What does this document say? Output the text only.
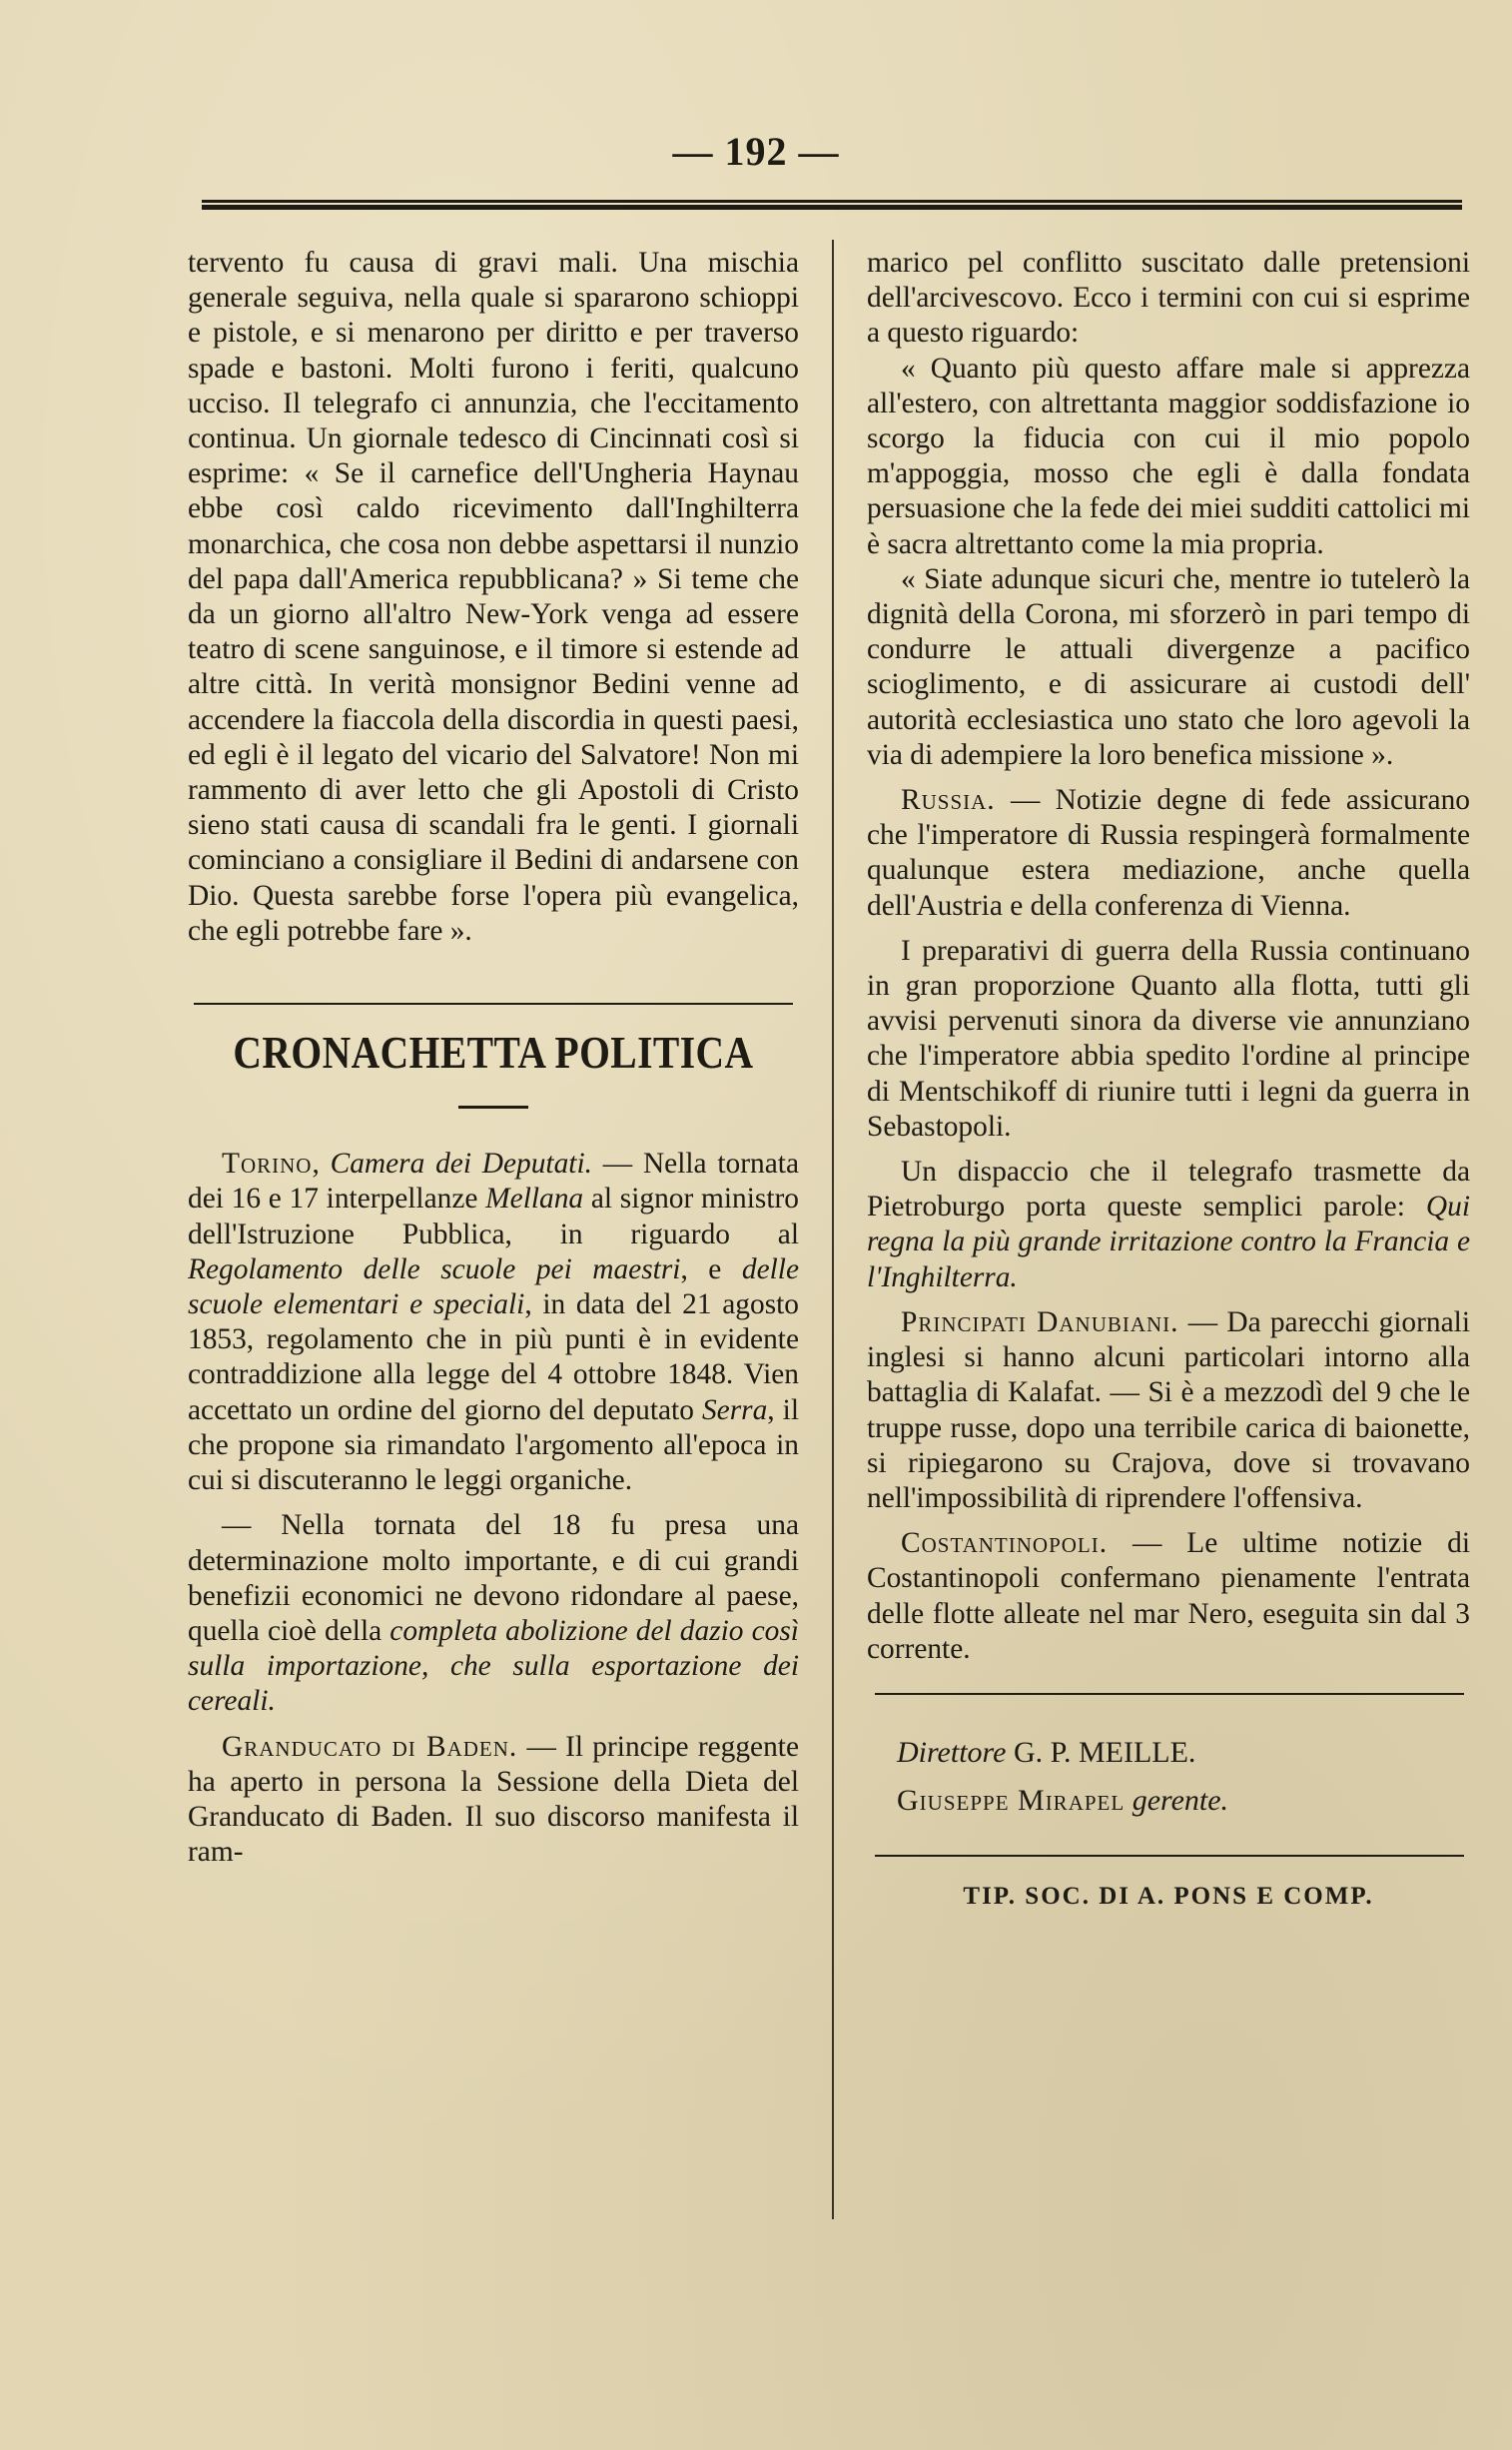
— 192 —

tervento fu causa di gravi mali. Una mischia generale seguiva, nella quale si spararono schioppi e pistole, e si menarono per diritto e per traverso spade e bastoni. Molti furono i feriti, qualcuno ucciso. Il telegrafo ci annunzia, che l'eccitamento continua. Un giornale tedesco di Cincinnati così si esprime: « Se il carnefice dell'Ungheria Haynau ebbe così caldo ricevimento dall'Inghilterra monarchica, che cosa non debbe aspettarsi il nunzio del papa dall'America repubblicana? » Si teme che da un giorno all'altro New-York venga ad essere teatro di scene sanguinose, e il timore si estende ad altre città. In verità monsignor Bedini venne ad accendere la fiaccola della discordia in questi paesi, ed egli è il legato del vicario del Salvatore! Non mi rammento di aver letto che gli Apostoli di Cristo sieno stati causa di scandali fra le genti. I giornali cominciano a consigliare il Bedini di andarsene con Dio. Questa sarebbe forse l'opera più evangelica, che egli potrebbe fare ».

CRONACHETTA POLITICA

Torino, Camera dei Deputati. — Nella tornata dei 16 e 17 interpellanze Mellana al signor ministro dell'Istruzione Pubblica, in riguardo al Regolamento delle scuole pei maestri, e delle scuole elementari e speciali, in data del 21 agosto 1853, regolamento che in più punti è in evidente contraddizione alla legge del 4 ottobre 1848. Vien accettato un ordine del giorno del deputato Serra, il che propone sia rimandato l'argomento all'epoca in cui si discuteranno le leggi organiche.

— Nella tornata del 18 fu presa una determinazione molto importante, e di cui grandi benefizii economici ne devono ridondare al paese, quella cioè della completa abolizione del dazio così sulla importazione, che sulla esportazione dei cereali.

Granducato di Baden. — Il principe reggente ha aperto in persona la Sessione della Dieta del Granducato di Baden. Il suo discorso manifesta il ram-

marico pel conflitto suscitato dalle pretensioni dell'arcivescovo. Ecco i termini con cui si esprime a questo riguardo:

« Quanto più questo affare male si apprezza all'estero, con altrettanta maggior soddisfazione io scorgo la fiducia con cui il mio popolo m'appoggia, mosso che egli è dalla fondata persuasione che la fede dei miei sudditi cattolici mi è sacra altrettanto come la mia propria.

« Siate adunque sicuri che, mentre io tutelerò la dignità della Corona, mi sforzerò in pari tempo di condurre le attuali divergenze a pacifico scioglimento, e di assicurare ai custodi dell' autorità ecclesiastica uno stato che loro agevoli la via di adempiere la loro benefica missione ».

Russia. — Notizie degne di fede assicurano che l'imperatore di Russia respingerà formalmente qualunque estera mediazione, anche quella dell'Austria e della conferenza di Vienna.

I preparativi di guerra della Russia continuano in gran proporzione Quanto alla flotta, tutti gli avvisi pervenuti sinora da diverse vie annunziano che l'imperatore abbia spedito l'ordine al principe di Mentschikoff di riunire tutti i legni da guerra in Sebastopoli.

Un dispaccio che il telegrafo trasmette da Pietroburgo porta queste semplici parole: Qui regna la più grande irritazione contro la Francia e l'Inghilterra.

Principati Danubiani. — Da parecchi giornali inglesi si hanno alcuni particolari intorno alla battaglia di Kalafat. — Si è a mezzodì del 9 che le truppe russe, dopo una terribile carica di baionette, si ripiegarono su Crajova, dove si trovavano nell'impossibilità di riprendere l'offensiva.

Costantinopoli. — Le ultime notizie di Costantinopoli confermano pienamente l'entrata delle flotte alleate nel mar Nero, eseguita sin dal 3 corrente.

Direttore G. P. MEILLE.
Giuseppe Mirapel gerente.
TIP. SOC. DI A. PONS E COMP.
